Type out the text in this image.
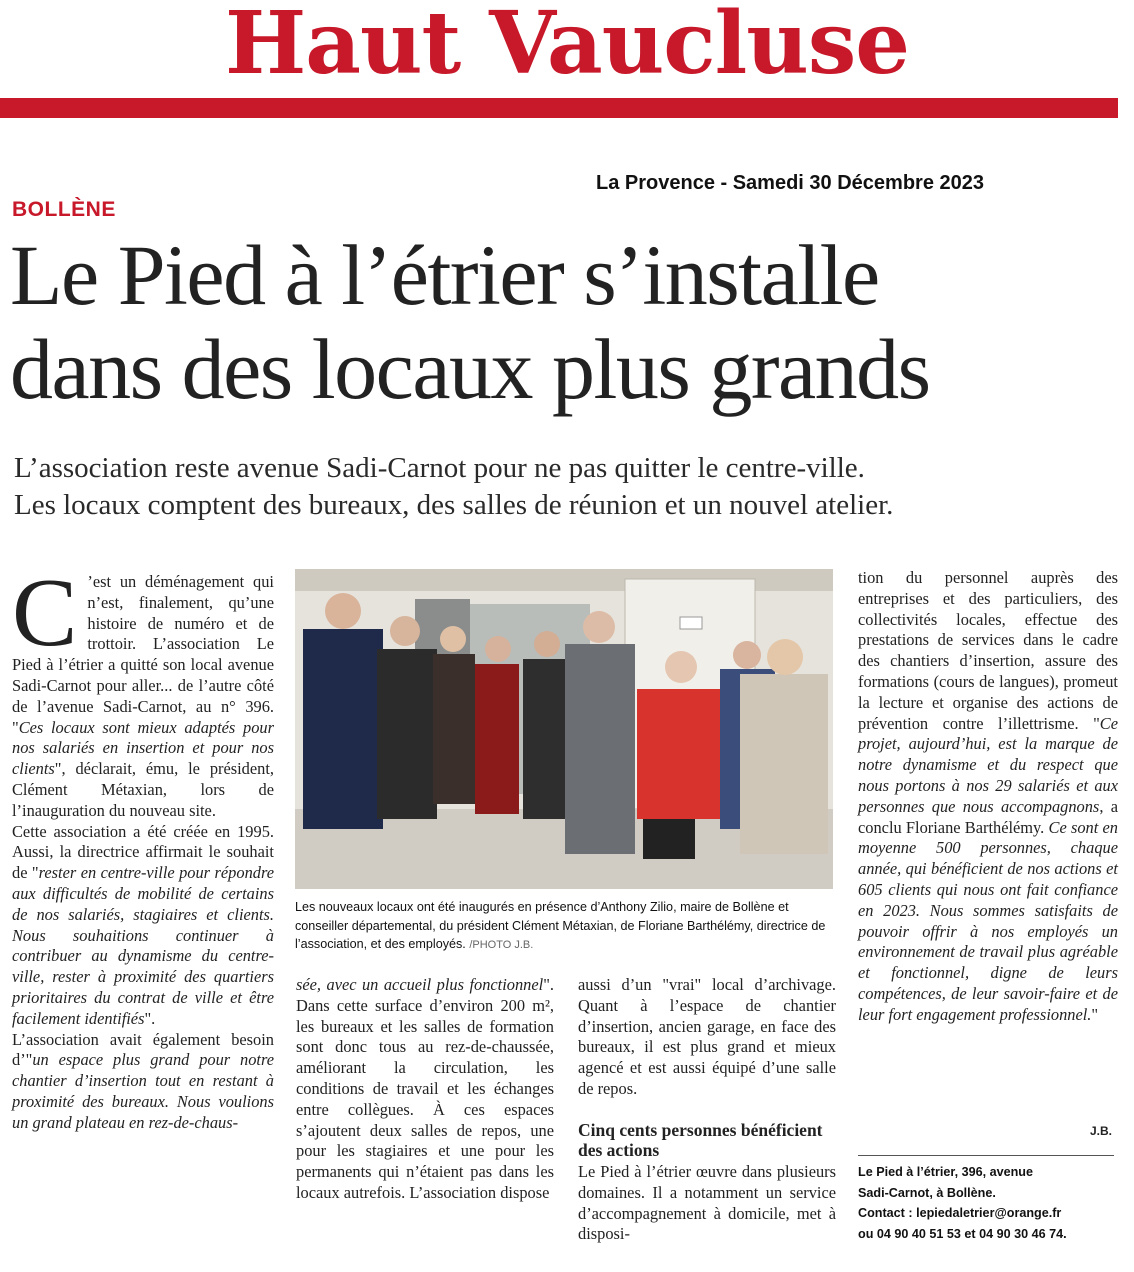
Haut Vaucluse
La Provence - Samedi 30 Décembre 2023
BOLLÈNE
Le Pied à l’étrier s’installe
dans des locaux plus grands
L’association reste avenue Sadi-Carnot pour ne pas quitter le centre-ville.
Les locaux comptent des bureaux, des salles de réunion et un nouvel atelier.

C ’est un déménagement qui n’est, finalement, qu’une histoire de numéro et de trottoir. L’association Le Pied à l’étrier a quitté son local avenue Sadi-Carnot pour aller... de l’autre côté de l’avenue Sadi-Carnot, au n° 396. "Ces locaux sont mieux adaptés pour nos salariés en insertion et pour nos clients", déclarait, ému, le président, Clément Métaxian, lors de l’inauguration du nouveau site.

Cette association a été créée en 1995. Aussi, la directrice affirmait le souhait de "rester en centre-ville pour répondre aux difficultés de mobilité de certains de nos salariés, stagiaires et clients. Nous souhaitions continuer à contribuer au dynamisme du centre-ville, rester à proximité des quartiers prioritaires du contrat de ville et être facilement identifiés".

L’association avait également besoin d’"un espace plus grand pour notre chantier d’insertion tout en restant à proximité des bureaux. Nous voulions un grand plateau en rez-de-chaus-

Les nouveaux locaux ont été inaugurés en présence d’Anthony Zilio, maire de Bollène et conseiller départemental, du président Clément Métaxian, de Floriane Barthélémy, directrice de l’association, et des employés. /PHOTO J.B.

sée, avec un accueil plus fonctionnel". Dans cette surface d’environ 200 m², les bureaux et les salles de formation sont donc tous au rez-de-chaussée, améliorant la circulation, les conditions de travail et les échanges entre collègues. À ces espaces s’ajoutent deux salles de repos, une pour les stagiaires et une pour les permanents qui n’étaient pas dans les locaux autrefois. L’association dispose

aussi d’un "vrai" local d’archivage. Quant à l’espace de chantier d’insertion, ancien garage, en face des bureaux, il est plus grand et mieux agencé et est aussi équipé d’une salle de repos.

Cinq cents personnes bénéficient des actions

Le Pied à l’étrier œuvre dans plusieurs domaines. Il a notamment un service d’accompagnement à domicile, met à disposi-

tion du personnel auprès des entreprises et des particuliers, des collectivités locales, effectue des prestations de services dans le cadre des chantiers d’insertion, assure des formations (cours de langues), promeut la lecture et organise des actions de prévention contre l’illettrisme. "Ce projet, aujourd’hui, est la marque de notre dynamisme et du respect que nous portons à nos 29 salariés et aux personnes que nous accompagnons, a conclu Floriane Barthélémy. Ce sont en moyenne 500 personnes, chaque année, qui bénéficient de nos actions et 605 clients qui nous ont fait confiance en 2023. Nous sommes satisfaits de pouvoir offrir à nos employés un environnement de travail plus agréable et fonctionnel, digne de leurs compétences, de leur savoir-faire et de leur fort engagement professionnel."

J.B.
Le Pied à l’étrier, 396, avenue
Sadi-Carnot, à Bollène.
Contact : lepiedaletrier@orange.fr
ou 04 90 40 51 53 et 04 90 30 46 74.
